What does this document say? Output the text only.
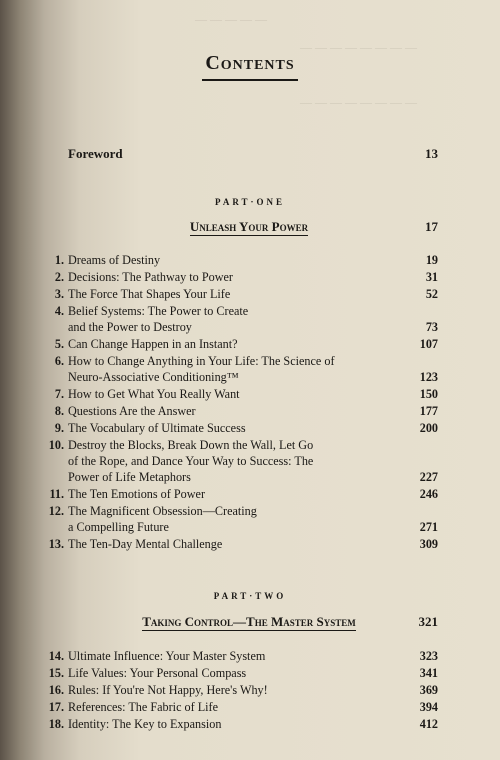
— — — — —
— — — — — — — —
— — — — — — — —
Contents
Foreword	13
PART·ONE
Unleash Your Power	17
1. Dreams of Destiny	19
2. Decisions: The Pathway to Power	31
3. The Force That Shapes Your Life	52
4. Belief Systems: The Power to Create
and the Power to Destroy	73
5. Can Change Happen in an Instant?	107
6. How to Change Anything in Your Life: The Science of
Neuro-Associative Conditioning™	123
7. How to Get What You Really Want	150
8. Questions Are the Answer	177
9. The Vocabulary of Ultimate Success	200
10. Destroy the Blocks, Break Down the Wall, Let Go
of the Rope, and Dance Your Way to Success: The
Power of Life Metaphors	227
11. The Ten Emotions of Power	246
12. The Magnificent Obsession—Creating
a Compelling Future	271
13. The Ten-Day Mental Challenge	309
PART·TWO
Taking Control—The Master System	321
14. Ultimate Influence: Your Master System	323
15. Life Values: Your Personal Compass	341
16. Rules: If You're Not Happy, Here's Why!	369
17. References: The Fabric of Life	394
18. Identity: The Key to Expansion	412
